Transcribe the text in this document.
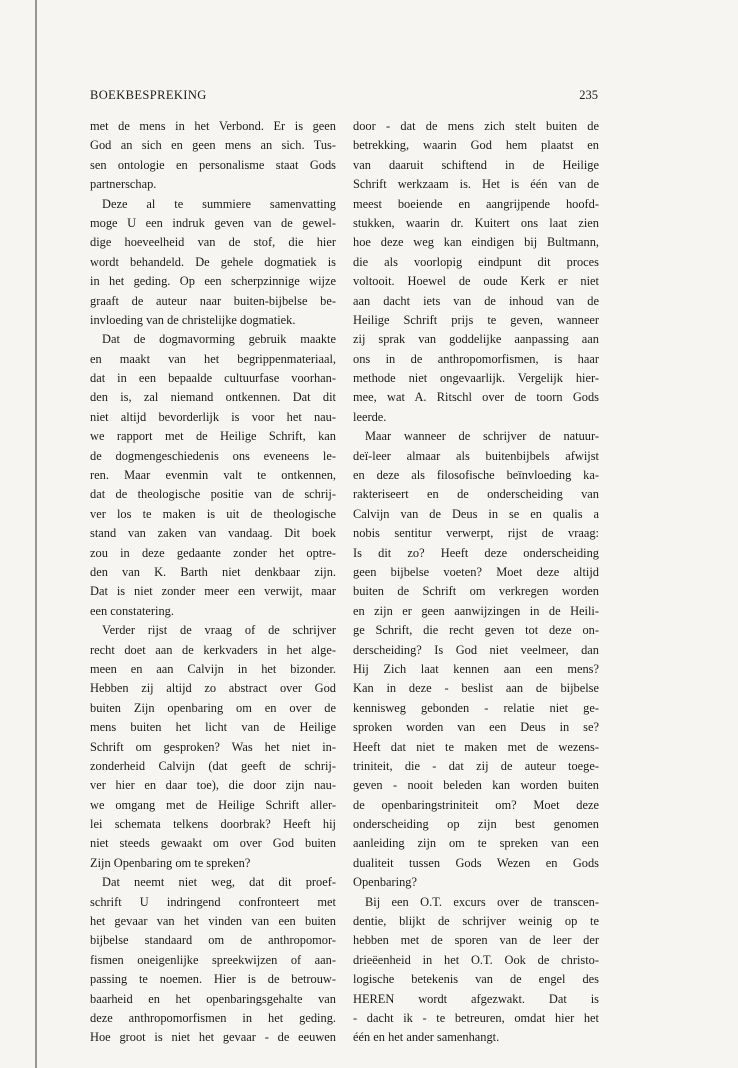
BOEKBESPREKING	235
met de mens in het Verbond. Er is geen
God an sich en geen mens an sich. Tus-
sen ontologie en personalisme staat Gods
partnerschap.
Deze al te summiere samenvatting
moge U een indruk geven van de gewel-
dige hoeveelheid van de stof, die hier
wordt behandeld. De gehele dogmatiek is
in het geding. Op een scherpzinnige wijze
graaft de auteur naar buiten-bijbelse be-
invloeding van de christelijke dogmatiek.
Dat de dogmavorming gebruik maakte
en maakt van het begrippenmateriaal,
dat in een bepaalde cultuurfase voorhan-
den is, zal niemand ontkennen. Dat dit
niet altijd bevorderlijk is voor het nau-
we rapport met de Heilige Schrift, kan
de dogmengeschiedenis ons eveneens le-
ren. Maar evenmin valt te ontkennen,
dat de theologische positie van de schrij-
ver los te maken is uit de theologische
stand van zaken van vandaag. Dit boek
zou in deze gedaante zonder het optre-
den van K. Barth niet denkbaar zijn.
Dat is niet zonder meer een verwijt, maar
een constatering.
Verder rijst de vraag of de schrijver
recht doet aan de kerkvaders in het alge-
meen en aan Calvijn in het bizonder.
Hebben zij altijd zo abstract over God
buiten Zijn openbaring om en over de
mens buiten het licht van de Heilige
Schrift om gesproken? Was het niet in-
zonderheid Calvijn (dat geeft de schrij-
ver hier en daar toe), die door zijn nau-
we omgang met de Heilige Schrift aller-
lei schemata telkens doorbrak? Heeft hij
niet steeds gewaakt om over God buiten
Zijn Openbaring om te spreken?
Dat neemt niet weg, dat dit proef-
schrift U indringend confronteert met
het gevaar van het vinden van een buiten
bijbelse standaard om de anthropomor-
fismen oneigenlijke spreekwijzen of aan-
passing te noemen. Hier is de betrouw-
baarheid en het openbaringsgehalte van
deze anthropomorfismen in het geding.
Hoe groot is niet het gevaar - de eeuwen
door - dat de mens zich stelt buiten de
betrekking, waarin God hem plaatst en
van daaruit schiftend in de Heilige
Schrift werkzaam is. Het is één van de
meest boeiende en aangrijpende hoofd-
stukken, waarin dr. Kuitert ons laat zien
hoe deze weg kan eindigen bij Bultmann,
die als voorlopig eindpunt dit proces
voltooit. Hoewel de oude Kerk er niet
aan dacht iets van de inhoud van de
Heilige Schrift prijs te geven, wanneer
zij sprak van goddelijke aanpassing aan
ons in de anthropomorfismen, is haar
methode niet ongevaarlijk. Vergelijk hier-
mee, wat A. Ritschl over de toorn Gods
leerde.
Maar wanneer de schrijver de natuur-
deï-leer almaar als buitenbijbels afwijst
en deze als filosofische beïnvloeding ka-
rakteriseert en de onderscheiding van
Calvijn van de Deus in se en qualis a
nobis sentitur verwerpt, rijst de vraag:
Is dit zo? Heeft deze onderscheiding
geen bijbelse voeten? Moet deze altijd
buiten de Schrift om verkregen worden
en zijn er geen aanwijzingen in de Heili-
ge Schrift, die recht geven tot deze on-
derscheiding? Is God niet veelmeer, dan
Hij Zich laat kennen aan een mens?
Kan in deze - beslist aan de bijbelse
kennisweg gebonden - relatie niet ge-
sproken worden van een Deus in se?
Heeft dat niet te maken met de wezens-
triniteit, die - dat zij de auteur toege-
geven - nooit beleden kan worden buiten
de openbaringstriniteit om? Moet deze
onderscheiding op zijn best genomen
aanleiding zijn om te spreken van een
dualiteit tussen Gods Wezen en Gods
Openbaring?
Bij een O.T. excurs over de transcen-
dentie, blijkt de schrijver weinig op te
hebben met de sporen van de leer der
drieëenheid in het O.T. Ook de christo-
logische betekenis van de engel des
HEREN wordt afgezwakt. Dat is
- dacht ik - te betreuren, omdat hier het
één en het ander samenhangt.
